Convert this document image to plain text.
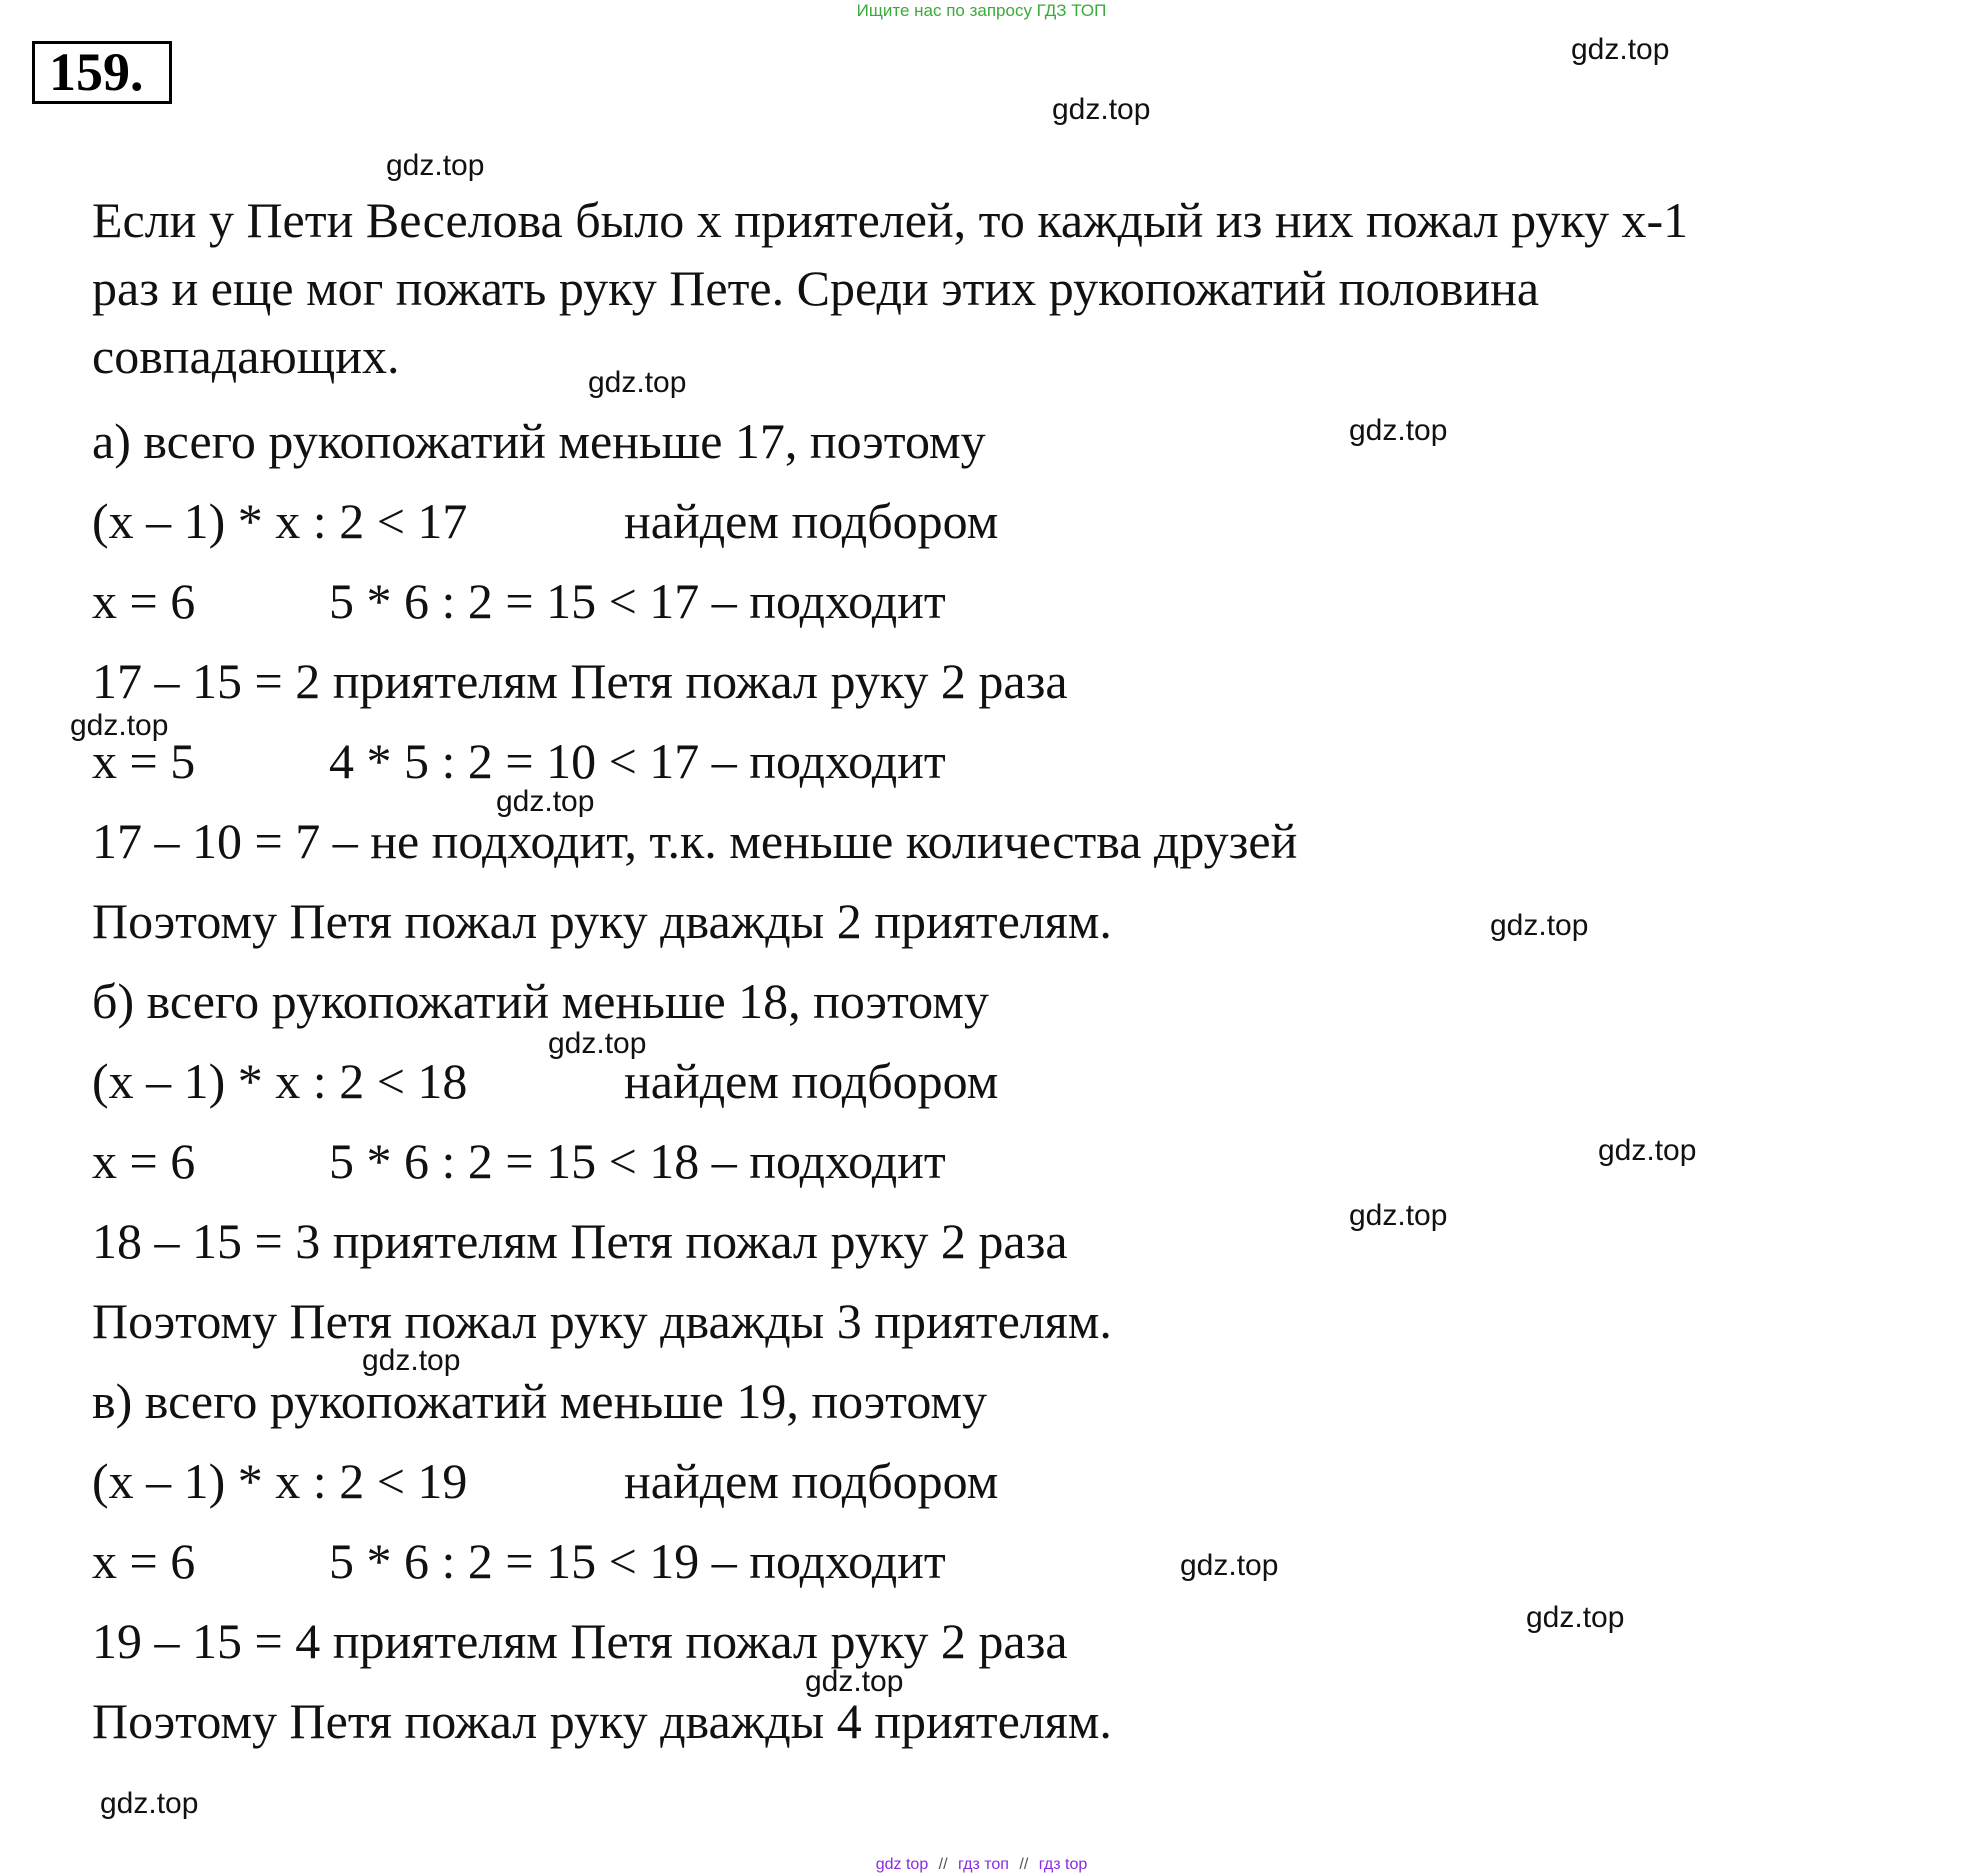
Ищите нас по запросу ГДЗ ТОП
159.	gdz.top
gdz.top
gdz.top
gdz.top
gdz.top
gdz.top
gdz.top
gdz.top
gdz.top
gdz.top
gdz.top
gdz.top
gdz.top
gdz.top
gdz.top
gdz.top
Если у Пети Веселова было x приятелей, то каждый из них пожал руку x-1
раз и еще мог пожать руку Пете. Среди этих рукопожатий половина
совпадающих.
а) всего рукопожатий меньше 17, поэтому
(x – 1) * x : 2 < 17	найдем подбором
x = 6	5 * 6 : 2 = 15 < 17 – подходит
17 – 15 = 2 приятелям Петя пожал руку 2 раза
x = 5	4 * 5 : 2 = 10 < 17 – подходит
17 – 10 = 7 – не подходит, т.к. меньше количества друзей
Поэтому Петя пожал руку дважды 2 приятелям.
б) всего рукопожатий меньше 18, поэтому
(x – 1) * x : 2 < 18	найдем подбором
x = 6	5 * 6 : 2 = 15 < 18 – подходит
18 – 15 = 3 приятелям Петя пожал руку 2 раза
Поэтому Петя пожал руку дважды 3 приятелям.
в) всего рукопожатий меньше 19, поэтому
(x – 1) * x : 2 < 19	найдем подбором
x = 6	5 * 6 : 2 = 15 < 19 – подходит
19 – 15 = 4 приятелям Петя пожал руку 2 раза
Поэтому Петя пожал руку дважды 4 приятелям.
gdz top // гдз топ // гдз top
